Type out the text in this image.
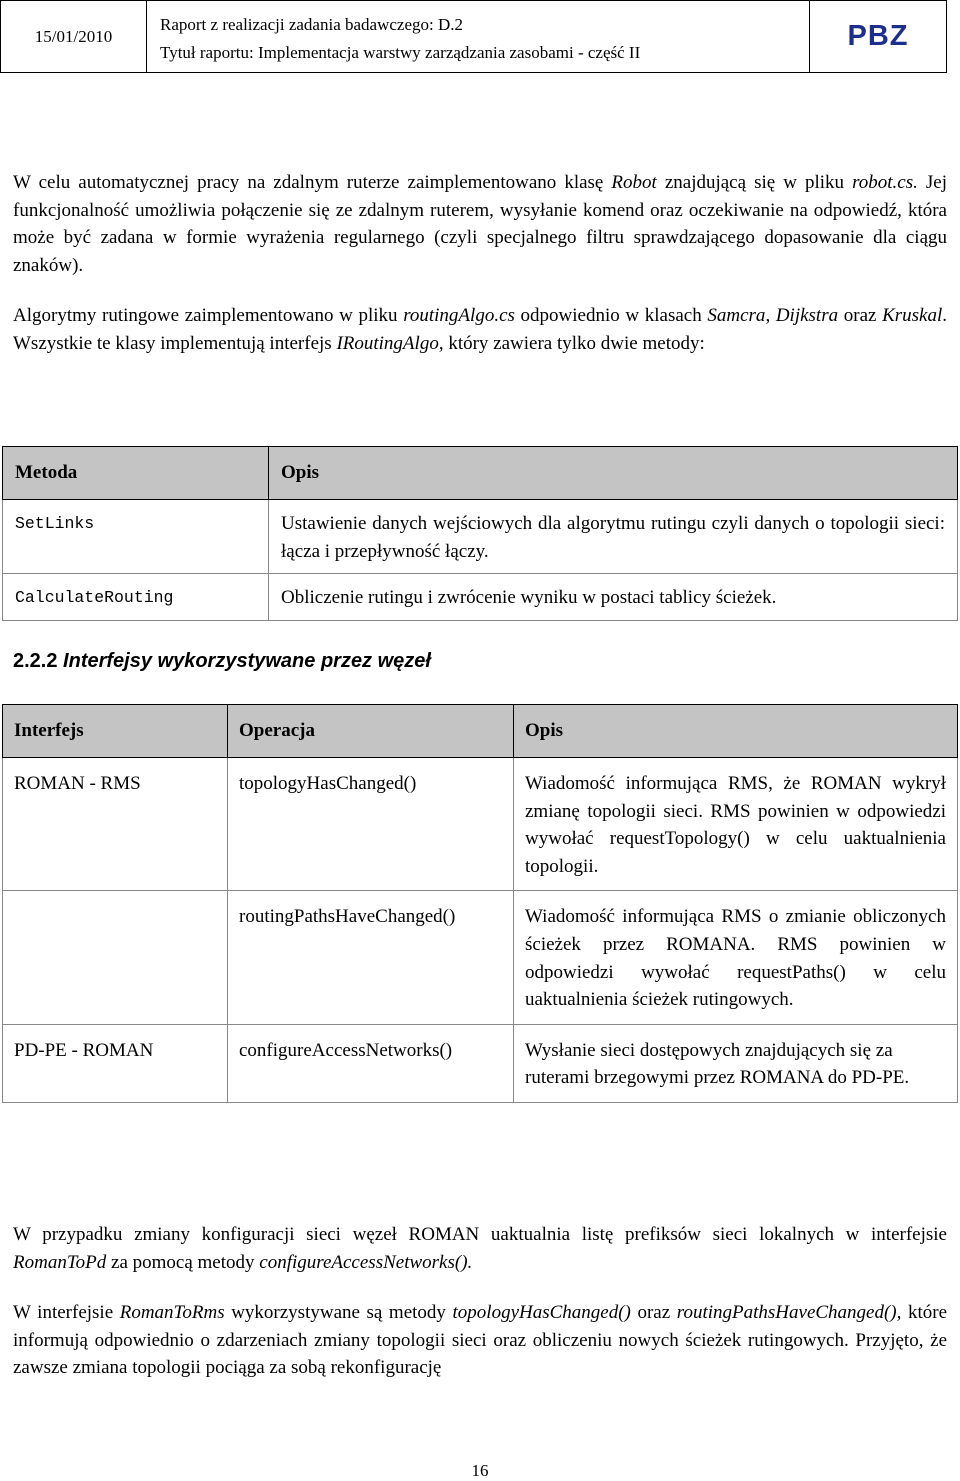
15/01/2010
Raport z realizacji zadania badawczego: D.2
Tytuł raportu: Implementacja warstwy zarządzania zasobami - część II
PBZ
W celu automatycznej pracy na zdalnym ruterze zaimplementowano klasę Robot znajdującą się w pliku robot.cs. Jej funkcjonalność umożliwia połączenie się ze zdalnym ruterem, wysyłanie komend oraz oczekiwanie na odpowiedź, która może być zadana w formie wyrażenia regularnego (czyli specjalnego filtru sprawdzającego dopasowanie dla ciągu znaków).
Algorytmy rutingowe zaimplementowano w pliku routingAlgo.cs odpowiednio w klasach Samcra, Dijkstra oraz Kruskal. Wszystkie te klasy implementują interfejs IRoutingAlgo, który zawiera tylko dwie metody:
Metoda	Opis
SetLinks	Ustawienie danych wejściowych dla algorytmu rutingu czyli danych o topologii sieci: łącza i przepływność łączy.
CalculateRouting	Obliczenie rutingu i zwrócenie wyniku w postaci tablicy ścieżek.
2.2.2 Interfejsy wykorzystywane przez węzeł
Interfejs	Operacja	Opis
ROMAN - RMS	topologyHasChanged()	Wiadomość informująca RMS, że ROMAN wykrył zmianę topologii sieci. RMS powinien w odpowiedzi wywołać requestTopology() w celu uaktualnienia topologii.
	routingPathsHaveChanged()	Wiadomość informująca RMS o zmianie obliczonych ścieżek przez ROMANA. RMS powinien w odpowiedzi wywołać requestPaths() w celu uaktualnienia ścieżek rutingowych.
PD-PE - ROMAN	configureAccessNetworks()	Wysłanie sieci dostępowych znajdujących się za ruterami brzegowymi przez ROMANA do PD-PE.
W przypadku zmiany konfiguracji sieci węzeł ROMAN uaktualnia listę prefiksów sieci lokalnych w interfejsie RomanToPd za pomocą metody configureAccessNetworks().
W interfejsie RomanToRms wykorzystywane są metody topologyHasChanged() oraz routingPathsHaveChanged(), które informują odpowiednio o zdarzeniach zmiany topologii sieci oraz obliczeniu nowych ścieżek rutingowych. Przyjęto, że zawsze zmiana topologii pociąga za sobą rekonfigurację
16
